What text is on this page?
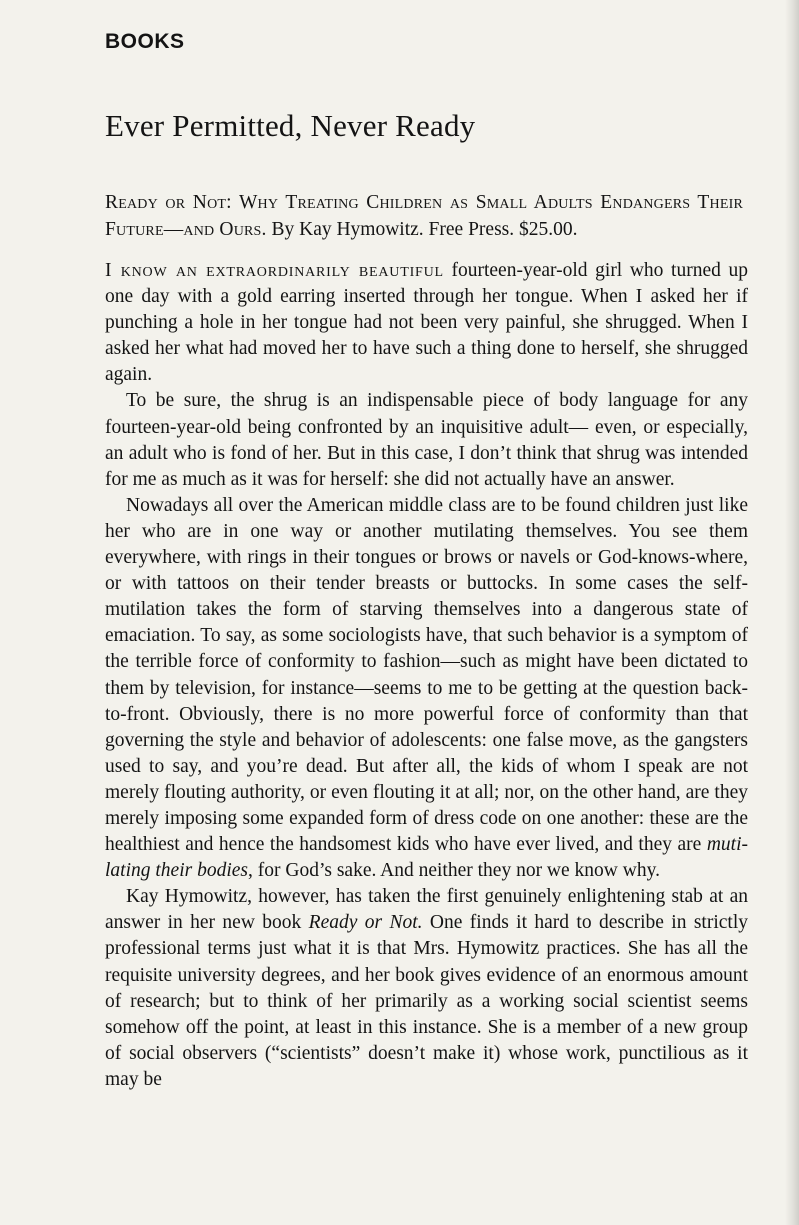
BOOKS
Ever Permitted, Never Ready

Ready or Not: Why Treating Children as Small Adults Endangers Their Future—and Ours. By Kay Hymowitz. Free Press. $25.00.

I know an extraordinarily beautiful fourteen-year-old girl who turned up one day with a gold earring inserted through her tongue. When I asked her if punching a hole in her tongue had not been very painful, she shrugged. When I asked her what had moved her to have such a thing done to herself, she shrugged again.

To be sure, the shrug is an indispensable piece of body language for any fourteen-year-old being confronted by an inquisitive adult— even, or especially, an adult who is fond of her. But in this case, I don’t think that shrug was intended for me as much as it was for herself: she did not actually have an answer.

Nowadays all over the American middle class are to be found children just like her who are in one way or another mutilating themselves. You see them everywhere, with rings in their tongues or brows or navels or God-knows-where, or with tattoos on their tender breasts or buttocks. In some cases the self-mutilation takes the form of starving themselves into a dangerous state of emaciation. To say, as some sociologists have, that such behavior is a symptom of the terrible force of conformity to fashion—such as might have been dictated to them by television, for instance—seems to me to be getting at the question back-to-front. Obviously, there is no more powerful force of conformity than that governing the style and behavior of adolescents: one false move, as the gangsters used to say, and you’re dead. But after all, the kids of whom I speak are not merely flouting authority, or even flouting it at all; nor, on the other hand, are they merely imposing some expanded form of dress code on one another: these are the healthiest and hence the handsomest kids who have ever lived, and they are mutilating their bodies, for God’s sake. And neither they nor we know why.

Kay Hymowitz, however, has taken the first genuinely enlightening stab at an answer in her new book Ready or Not. One finds it hard to describe in strictly professional terms just what it is that Mrs. Hymowitz practices. She has all the requisite university degrees, and her book gives evidence of an enormous amount of research; but to think of her primarily as a working social scientist seems somehow off the point, at least in this instance. She is a member of a new group of social observers (“scientists” doesn’t make it) whose work, punctilious as it may be
